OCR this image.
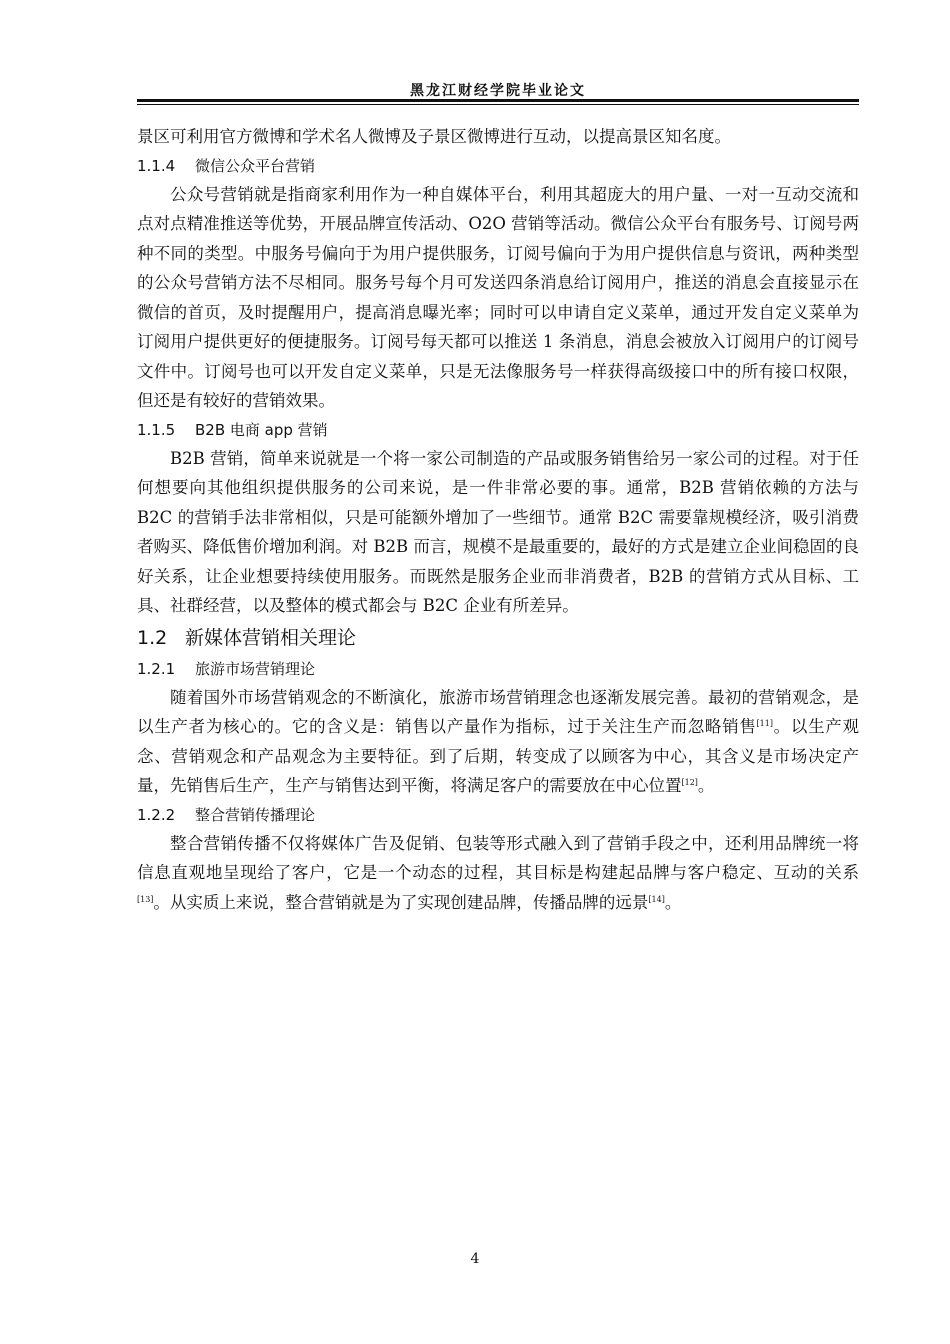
黑龙江财经学院毕业论文

景区可利用官方微博和学术名人微博及子景区微博进行互动，以提高景区知名度。

1.1.4 微信公众平台营销

公众号营销就是指商家利用作为一种自媒体平台，利用其超庞大的用户量、一对一互动交流和点对点精准推送等优势，开展品牌宣传活动、O2O 营销等活动。微信公众平台有服务号、订阅号两种不同的类型。中服务号偏向于为用户提供服务，订阅号偏向于为用户提供信息与资讯，两种类型的公众号营销方法不尽相同。服务号每个月可发送四条消息给订阅用户，推送的消息会直接显示在微信的首页，及时提醒用户，提高消息曝光率；同时可以申请自定义菜单，通过开发自定义菜单为订阅用户提供更好的便捷服务。订阅号每天都可以推送 1 条消息，消息会被放入订阅用户的订阅号文件中。订阅号也可以开发自定义菜单，只是无法像服务号一样获得高级接口中的所有接口权限， 但还是有较好的营销效果。

1.1.5 B2B 电商 app 营销

B2B 营销，简单来说就是一个将一家公司制造的产品或服务销售给另一家公司的过程。对于任何想要向其他组织提供服务的公司来说，是一件非常必要的事。通常，B2B 营销依赖的方法与 B2C 的营销手法非常相似，只是可能额外增加了一些细节。通常 B2C 需要靠规模经济，吸引消费者购买、降低售价增加利润。对 B2B 而言，规模不是最重要的，最好的方式是建立企业间稳固的良好关系，让企业想要持续使用服务。而既然是服务企业而非消费者，B2B 的营销方式从目标、工具、社群经营，以及整体的模式都会与 B2C 企业有所差异。

1.2 新媒体营销相关理论
1.2.1 旅游市场营销理论

随着国外市场营销观念的不断演化，旅游市场营销理念也逐渐发展完善。最初的营销观念，是以生产者为核心的。它的含义是：销售以产量作为指标，过于关注生产而忽略销售[11]。以生产观念、营销观念和产品观念为主要特征。到了后期，转变成了以顾客为中心，其含义是市场决定产量，先销售后生产，生产与销售达到平衡，将满足客户的需要放在中心位置[12]。

1.2.2 整合营销传播理论

整合营销传播不仅将媒体广告及促销、包装等形式融入到了营销手段之中，还利用品牌统一将信息直观地呈现给了客户，它是一个动态的过程，其目标是构建起品牌与客户稳定、互动的关系[13]。从实质上来说，整合营销就是为了实现创建品牌，传播品牌的远景[14]。

4
